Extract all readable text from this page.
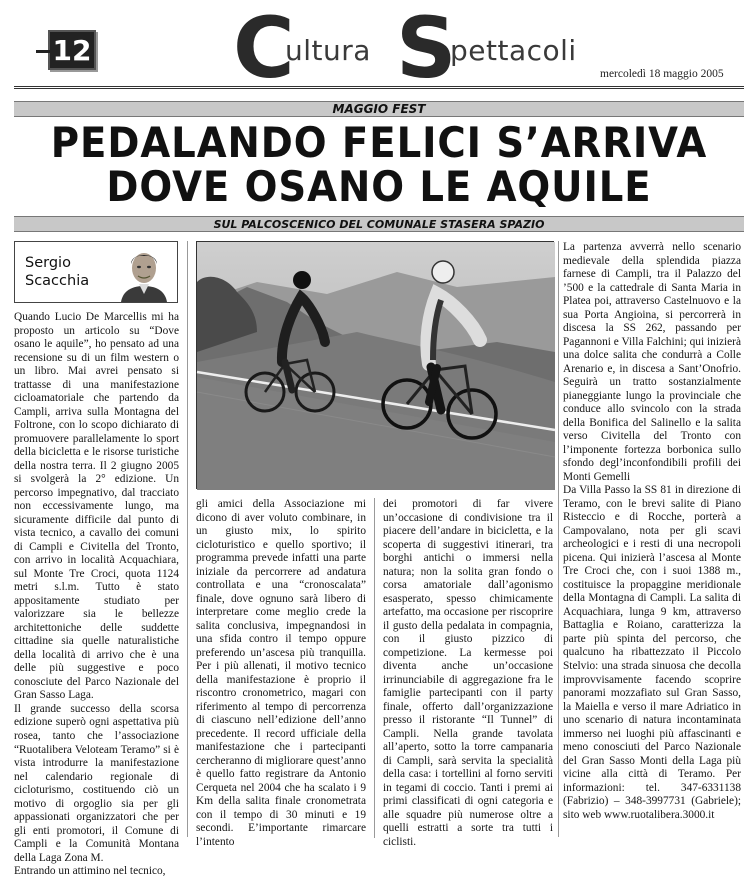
12 C
ultura S
pettacoli
mercoledì 18 maggio 2005
MAGGIO FEST
PEDALANDO FELICI S’ARRIVA
DOVE OSANO LE AQUILE
SUL PALCOSCENICO DEL COMUNALE STASERA SPAZIO
Sergio
Scacchia

Quando Lucio De Marcellis mi ha proposto un articolo su “Dove osano le aquile”, ho pensato ad una recensione su di un film western o un libro. Mai avrei pensato si trattasse di una manifestazione cicloamatoriale che partendo da Campli, arriva sulla Montagna del Foltrone, con lo scopo dichiarato di promuovere parallelamente lo sport della bicicletta e le risorse turistiche della nostra terra. Il 2 giugno 2005 si svolgerà la 2° edizione. Un percorso impegnativo, dal tracciato non eccessivamente lungo, ma sicuramente difficile dal punto di vista tecnico, a cavallo dei comuni di Campli e Civitella del Tronto, con arrivo in località Acquachiara, sul Monte Tre Croci, quota 1124 metri s.l.m. Tutto è stato appositamente studiato per valorizzare sia le bellezze architettoniche delle suddette cittadine sia quelle naturalistiche della località di arrivo che è una delle più suggestive e poco conosciute del Parco Nazionale del Gran Sasso Laga.

Il grande successo della scorsa edizione superò ogni aspettativa più rosea, tanto che l’associazione “Ruotalibera Veloteam Teramo” si è vista introdurre la manifestazione nel calendario regionale di cicloturismo, costituendo ciò un motivo di orgoglio sia per gli appassionati organizzatori che per gli enti promotori, il Comune di Campli e la Comunità Montana della Laga Zona M.

Entrando un attimino nel tecnico,

gli amici della Associazione mi dicono di aver voluto combinare, in un giusto mix, lo spirito cicloturistico e quello sportivo; il programma prevede infatti una parte iniziale da percorrere ad andatura controllata e una “cronoscalata” finale, dove ognuno sarà libero di interpretare come meglio crede la salita conclusiva, impegnandosi in una sfida contro il tempo oppure preferendo un’ascesa più tranquilla. Per i più allenati, il motivo tecnico della manifestazione è proprio il riscontro cronometrico, magari con riferimento al tempo di percorrenza di ciascuno nell’edizione dell’anno precedente. Il record ufficiale della manifestazione che i partecipanti cercheranno di migliorare quest’anno è quello fatto registrare da Antonio Cerqueta nel 2004 che ha scalato i 9 Km della salita finale cronometrata con il tempo di 30 minuti e 19 secondi. E’importante rimarcare l’intento

dei promotori di far vivere un’occasione di condivisione tra il piacere dell’andare in bicicletta, e la scoperta di suggestivi itinerari, tra borghi antichi o immersi nella natura; non la solita gran fondo o corsa amatoriale dall’agonismo esasperato, spesso chimicamente artefatto, ma occasione per riscoprire il gusto della pedalata in compagnia, con il giusto pizzico di competizione. La kermesse poi diventa anche un’occasione irrinunciabile di aggregazione fra le famiglie partecipanti con il party finale, offerto dall’organizzazione presso il ristorante “Il Tunnel” di Campli. Nella grande tavolata all’aperto, sotto la torre campanaria di Campli, sarà servita la specialità della casa: i tortellini al forno serviti in tegami di coccio. Tanti i premi ai primi classificati di ogni categoria e alle squadre più numerose oltre a quelli estratti a sorte tra tutti i ciclisti.

La partenza avverrà nello scenario medievale della splendida piazza farnese di Campli, tra il Palazzo del ’500 e la cattedrale di Santa Maria in Platea poi, attraverso Castelnuovo e la sua Porta Angioina, si percorrerà in discesa la SS 262, passando per Pagannoni e Villa Falchini; qui inizierà una dolce salita che condurrà a Colle Arenario e, in discesa a Sant’Onofrio. Seguirà un tratto sostanzialmente pianeggiante lungo la provinciale che conduce allo svincolo con la strada della Bonifica del Salinello e la salita verso Civitella del Tronto con l’imponente fortezza borbonica sullo sfondo degl’inconfondibili profili dei Monti Gemelli

Da Villa Passo la SS 81 in direzione di Teramo, con le brevi salite di Piano Risteccio e di Rocche, porterà a Campovalano, nota per gli scavi archeologici e i resti di una necropoli picena. Qui inizierà l’ascesa al Monte Tre Croci che, con i suoi 1388 m., costituisce la propaggine meridionale della Montagna di Campli. La salita di Acquachiara, lunga 9 km, attraverso Battaglia e Roiano, caratterizza la parte più spinta del percorso, che qualcuno ha ribattezzato il Piccolo Stelvio: una strada sinuosa che decolla improvvisamente facendo scoprire panorami mozzafiato sul Gran Sasso, la Maiella e verso il mare Adriatico in uno scenario di natura incontaminata immerso nei luoghi più affascinanti e meno conosciuti del Parco Nazionale del Gran Sasso Monti della Laga più vicine alla città di Teramo. Per informazioni: tel. 347-6331138 (Fabrizio) – 348-3997731 (Gabriele); sito web www.ruotalibera.3000.it
